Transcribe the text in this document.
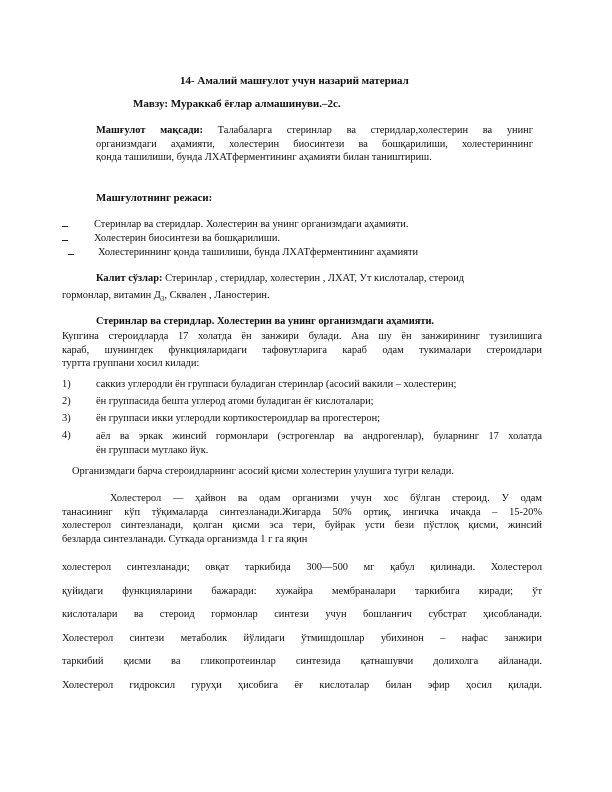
14- Амалий машғулот учун назарий материал
Мавзу: Мураккаб ёғлар алмашинуви.–2с.
Машғулот мақсади: Талабаларга стеринлар ва стеридлар,холестерин ва унинг
организмдаги аҳамияти, холестерин биосинтези ва бошқарилиши, холестериннинг
қонда ташилиши, бунда ЛХАТферментининг аҳамияти билан таништириш.
Машғулотнинг режаси:
Стеринлар ва стеридлар. Холестерин ва унинг организмдаги аҳамияти.
Холестерин биосинтези ва бошқарилиши.
Холестериннинг қонда ташилиши, бунда ЛХАТферментининг аҳамияти
Калит сўзлар: Стеринлар , стеридлар, холестерин , ЛХАТ, Ут кислоталар, стероид
гормонлар, витамин $Д_3$, Сквален , Ланостерин.
Стеринлар ва стеридлар. Холестерин ва унинг организмдаги аҳамияти.
Купгина стероидларда 17 холатда ён занжири булади. Ана шу ён занжирининг тузилишига
караб, шунингдек функцияларидаги тафовутларига караб одам тукималари стероидлари
турттa группани хосил килади:
1) саккиз углеродли ён группаси буладиган стеринлар (асосий вакили – холестерин;
2) ён группасида бешта углерод атоми буладиган ёғ кислоталари;
3) ён группаси икки углеродли кортикостероидлар ва прогестерон;
4) аёл ва эркак жинсий гормонлари (эстрогенлар ва андрогенлар), буларнинг 17 холатда
ён группаси мутлако йук.
Организмдаги барча стероидларнинг асосий қисми холестерин улушига тугри келади.
Холестерол — ҳайвон ва одам организми учун хос бўлган стероид. У одам
танасининг кўп тўқималарда синтезланади.Жигарда 50% ортиқ, ингичка ичакда – 15-20%
холестерол синтезланади, қолган қисми эса тери, буйрак усти бези пўстлоқ қисми, жинсий
безларда синтезланади. Суткада организмда 1 г га яқин
холестерол синтезланади; овқат таркибида 300—500 мг қабул қилинади. Холестерол
қуйидаги функцияларини бажаради: хужайра мембраналари таркибига киради; ўт
кислоталари ва стероид гормонлар синтези учун бошланғич субстрат ҳисобланади.
Холестерол синтези метаболик йўлидаги ўтмишдошлар убихинон – нафас занжири
таркибий қисми ва гликопротеинлар синтезида қатнашувчи долихолга айланади.
Холестерол гидроксил гуруҳи ҳисобига ёғ кислоталар билан эфир ҳосил қилади.
